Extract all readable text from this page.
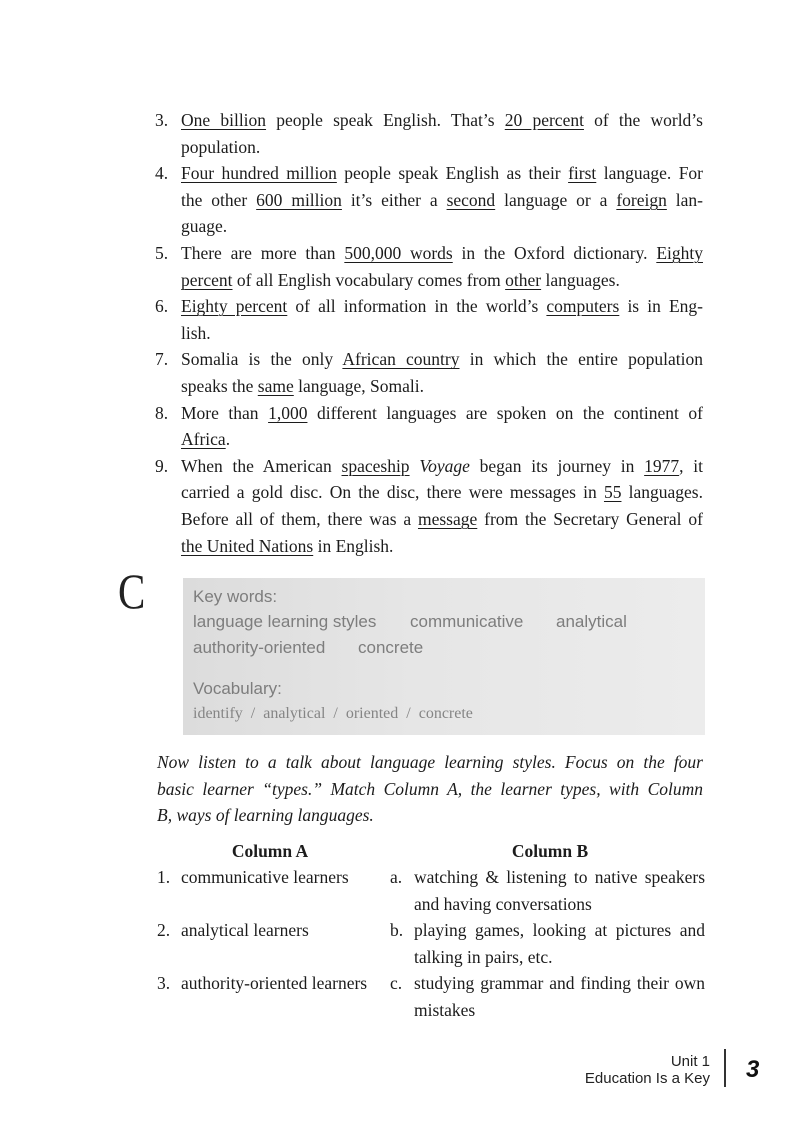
3. One billion people speak English. That’s 20 percent of the world’s
population.
4. Four hundred million people speak English as their first language. For
the other 600 million it’s either a second language or a foreign lan-
guage.
5. There are more than 500,000 words in the Oxford dictionary. Eighty
percent of all English vocabulary comes from other languages.
6. Eighty percent of all information in the world’s computers is in Eng-
lish.
7. Somalia is the only African country in which the entire population
speaks the same language, Somali.
8. More than 1,000 different languages are spoken on the continent of
Africa.
9. When the American spaceship Voyage began its journey in 1977, it
carried a gold disc. On the disc, there were messages in 55 languages.
Before all of them, there was a message from the Secretary General of
the United Nations in English.
C	Key words:
language learning styles communicative analytical
authority-oriented concrete
Vocabulary:
identify / analytical / oriented / concrete
Now listen to a talk about language learning styles. Focus on the four
basic learner “types.” Match Column A, the learner types, with Column
B, ways of learning languages.
Column A	Column B
1. communicative learners a. watching & listening to native speakers
and having conversations
2. analytical learners	b. playing games, looking at pictures and
talking in pairs, etc.
3. authority-oriented learners c. studying grammar and finding their own
mistakes
Unit 1
Education Is a Key 3
